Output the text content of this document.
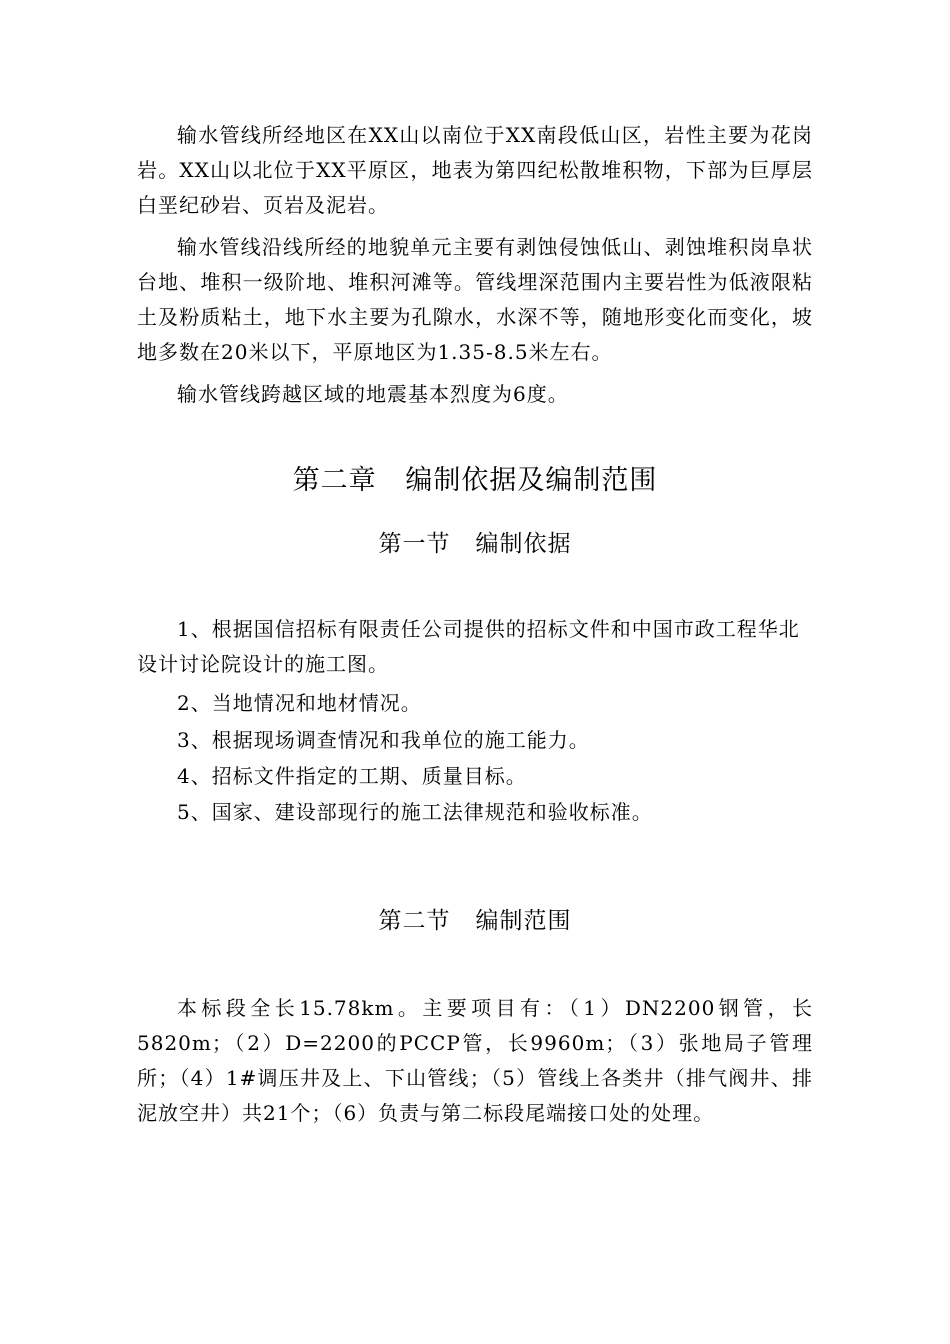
输水管线所经地区在XX山以南位于XX南段低山区，岩性主要为花岗岩。XX山以北位于XX平原区，地表为第四纪松散堆积物，下部为巨厚层白垩纪砂岩、页岩及泥岩。

输水管线沿线所经的地貌单元主要有剥蚀侵蚀低山、剥蚀堆积岗阜状台地、堆积一级阶地、堆积河滩等。管线埋深范围内主要岩性为低液限粘土及粉质粘土，地下水主要为孔隙水，水深不等，随地形变化而变化，坡地多数在20米以下，平原地区为1.35-8.5米左右。

输水管线跨越区域的地震基本烈度为6度。

第二章 编制依据及编制范围
第一节 编制依据

1、根据国信招标有限责任公司提供的招标文件和中国市政工程华北设计讨论院设计的施工图。

2、当地情况和地材情况。

3、根据现场调查情况和我单位的施工能力。

4、招标文件指定的工期、质量目标。

5、国家、建设部现行的施工法律规范和验收标准。

第二节 编制范围

本标段全长15.78km。主要项目有：（1）DN2200钢管，长5820m；（2）D=2200的PCCP管，长9960m；（3）张地局子管理所；（4）1#调压井及上、下山管线；（5）管线上各类井（排气阀井、排泥放空井）共21个；（6）负责与第二标段尾端接口处的处理。
